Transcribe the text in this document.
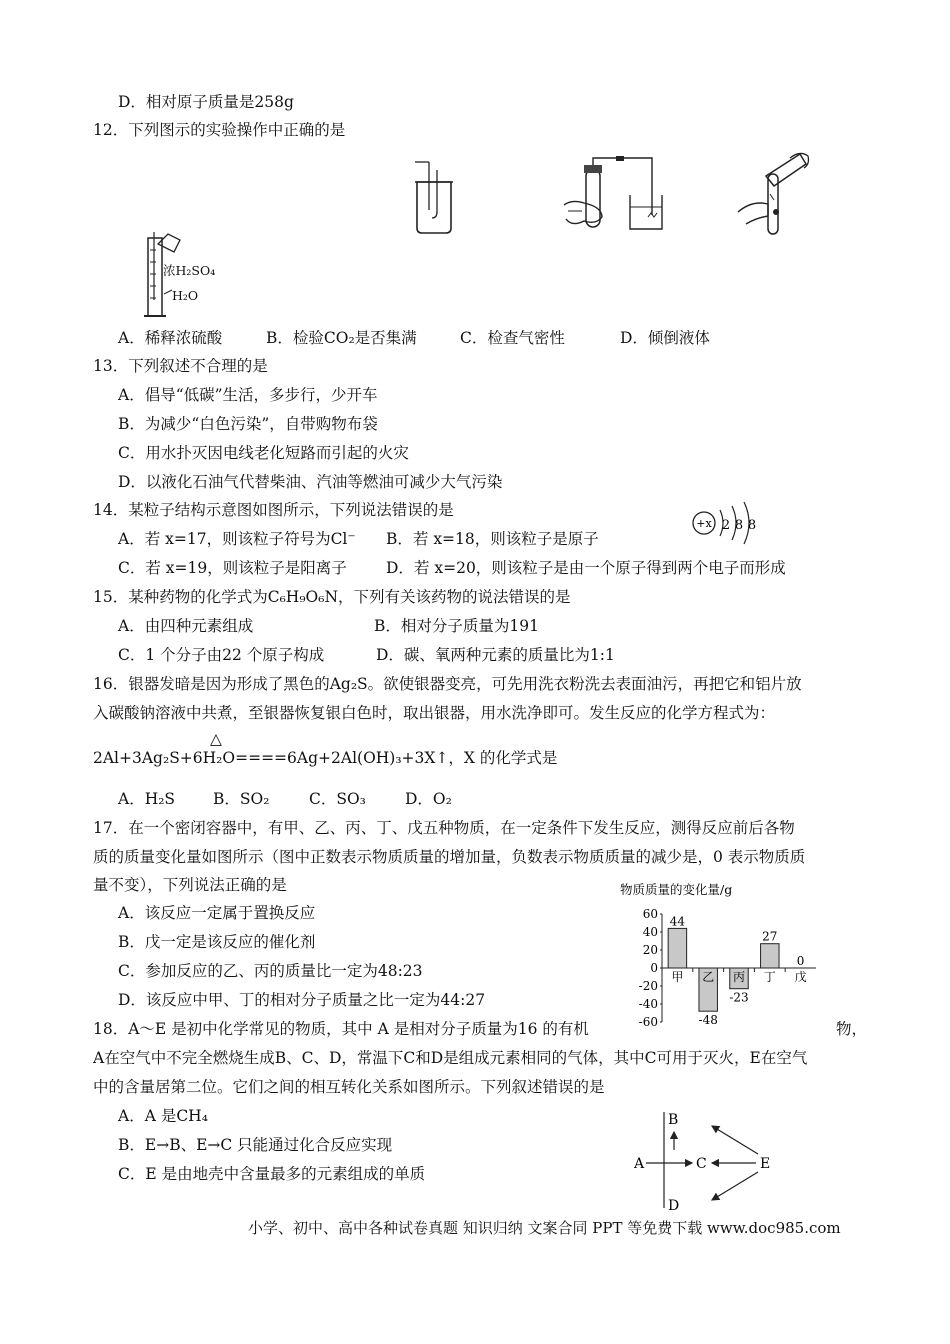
D．相对原子质量是258g
12．下列图示的实验操作中正确的是
浓H₂SO₄
H₂O
A．稀释浓硫酸	B．检验CO₂是否集满	C．检查气密性	D．倾倒液体
13．下列叙述不合理的是
A．倡导“低碳”生活，多步行，少开车
B．为减少“白色污染”，自带购物布袋
C．用水扑灭因电线老化短路而引起的火灾
D．以液化石油气代替柴油、汽油等燃油可减少大气污染
14．某粒子结构示意图如图所示，下列说法错误的是
+x 2 8 8
A．若 x=17，则该粒子符号为Cl⁻ B．若 x=18，则该粒子是原子
C．若 x=19，则该粒子是阳离子	D．若 x=20，则该粒子是由一个原子得到两个电子而形成
15．某种药物的化学式为C₆H₉O₆N，下列有关该药物的说法错误的是
A．由四种元素组成	B．相对分子质量为191
C．1 个分子由22 个原子构成	D．碳、氧两种元素的质量比为1:1
16．银器发暗是因为形成了黑色的Ag₂S。欲使银器变亮，可先用洗衣粉洗去表面油污，再把它和铝片放
入碳酸钠溶液中共煮，至银器恢复银白色时，取出银器，用水洗净即可。发生反应的化学方程式为：
△
2Al+3Ag₂S+6H₂O====6Ag+2Al(OH)₃+3X↑，X 的化学式是
A．H₂S B．SO₂	C．SO₃	D．O₂
17．在一个密闭容器中，有甲、乙、丙、丁、戊五种物质，在一定条件下发生反应，测得反应前后各物
质的质量变化量如图所示（图中正数表示物质质量的增加量，负数表示物质质量的减少是，0 表示物质质
量不变），下列说法正确的是
A．该反应一定属于置换反应
B．戊一定是该反应的催化剂
C．参加反应的乙、丙的质量比一定为48:23
D．该反应中甲、丁的相对分子质量之比一定为44:27
物质质量的变化量/g
60
40
20
0
-20
-40
-60
44
-48
-23
27
0
甲 乙 丙 丁 戊
18．A～E 是初中化学常见的物质，其中 A 是相对分子质量为16 的有机	物，
A在空气中不完全燃烧生成B、C、D，常温下C和D是组成元素相同的气体，其中C可用于灭火，E在空气
中的含量居第二位。它们之间的相互转化关系如图所示。下列叙述错误的是
A．A 是CH₄
B．E→B、E→C 只能通过化合反应实现
C．E 是由地壳中含量最多的元素组成的单质
B
A	C
D
E
小学、初中、高中各种试卷真题 知识归纳 文案合同 PPT 等免费下载 www.doc985.com
